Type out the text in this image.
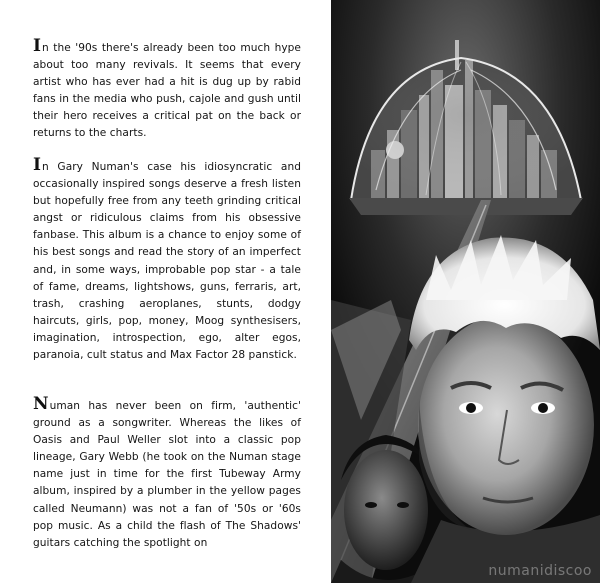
In the '90s there's already been too much hype about too many revivals. It seems that every artist who has ever had a hit is dug up by rabid fans in the media who push, cajole and gush until their hero receives a critical pat on the back or returns to the charts.

In Gary Numan's case his idiosyncratic and occasionally inspired songs deserve a fresh listen but hopefully free from any teeth grinding critical angst or ridiculous claims from his obsessive fanbase. This album is a chance to enjoy some of his best songs and read the story of an imperfect and, in some ways, improbable pop star - a tale of fame, dreams, lightshows, guns, ferraris, art, trash, crashing aeroplanes, stunts, dodgy haircuts, girls, pop, money, Moog synthesisers, imagination, introspection, ego, alter egos, paranoia, cult status and Max Factor 28 panstick.

Numan has never been on firm, 'authentic' ground as a songwriter. Whereas the likes of Oasis and Paul Weller slot into a classic pop lineage, Gary Webb (he took on the Numan stage name just in time for the first Tubeway Army album, inspired by a plumber in the yellow pages called Neumann) was not a fan of '50s or '60s pop music. As a child the flash of The Shadows' guitars catching the spotlight on

numanidiscoo
